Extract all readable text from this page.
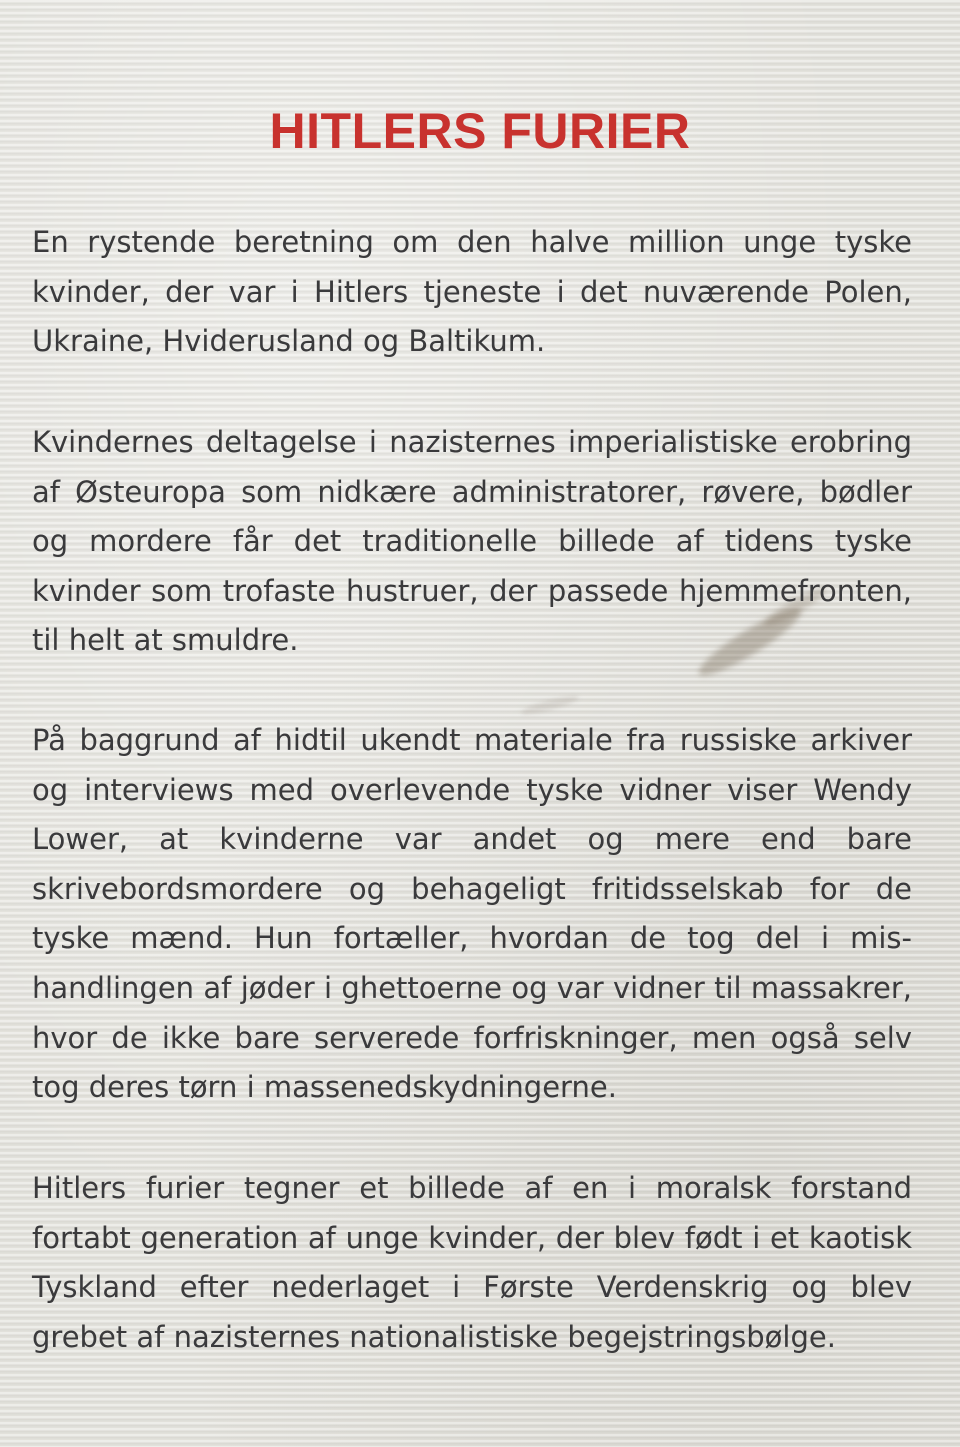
HITLERS FURIER

En rystende beretning om den halve million unge tyske kvinder, der var i Hitlers tjeneste i det nuværende Polen, Ukraine, Hviderusland og Baltikum.

Kvindernes deltagelse i nazisternes imperialistiske erobring af Østeuropa som nidkære administratorer, røvere, bødler og mordere får det traditionelle billede af tidens tyske kvinder som trofaste hustruer, der passede hjemmefronten, til helt at smuldre.

På baggrund af hidtil ukendt materiale fra russiske arkiver og interviews med overlevende tyske vidner viser Wendy Lower, at kvinderne var andet og mere end bare skrivebordsmordere og behageligt fritidsselskab for de tyske mænd. Hun fortæller, hvordan de tog del i mishandlingen af jøder i ghettoerne og var vidner til massakrer, hvor de ikke bare serverede forfriskninger, men også selv tog deres tørn i massenedskydningerne.

Hitlers furier tegner et billede af en i moralsk forstand fortabt generation af unge kvinder, der blev født i et kaotisk Tyskland efter nederlaget i Første Verdenskrig og blev grebet af nazisternes nationalistiske begejstringsbølge.
